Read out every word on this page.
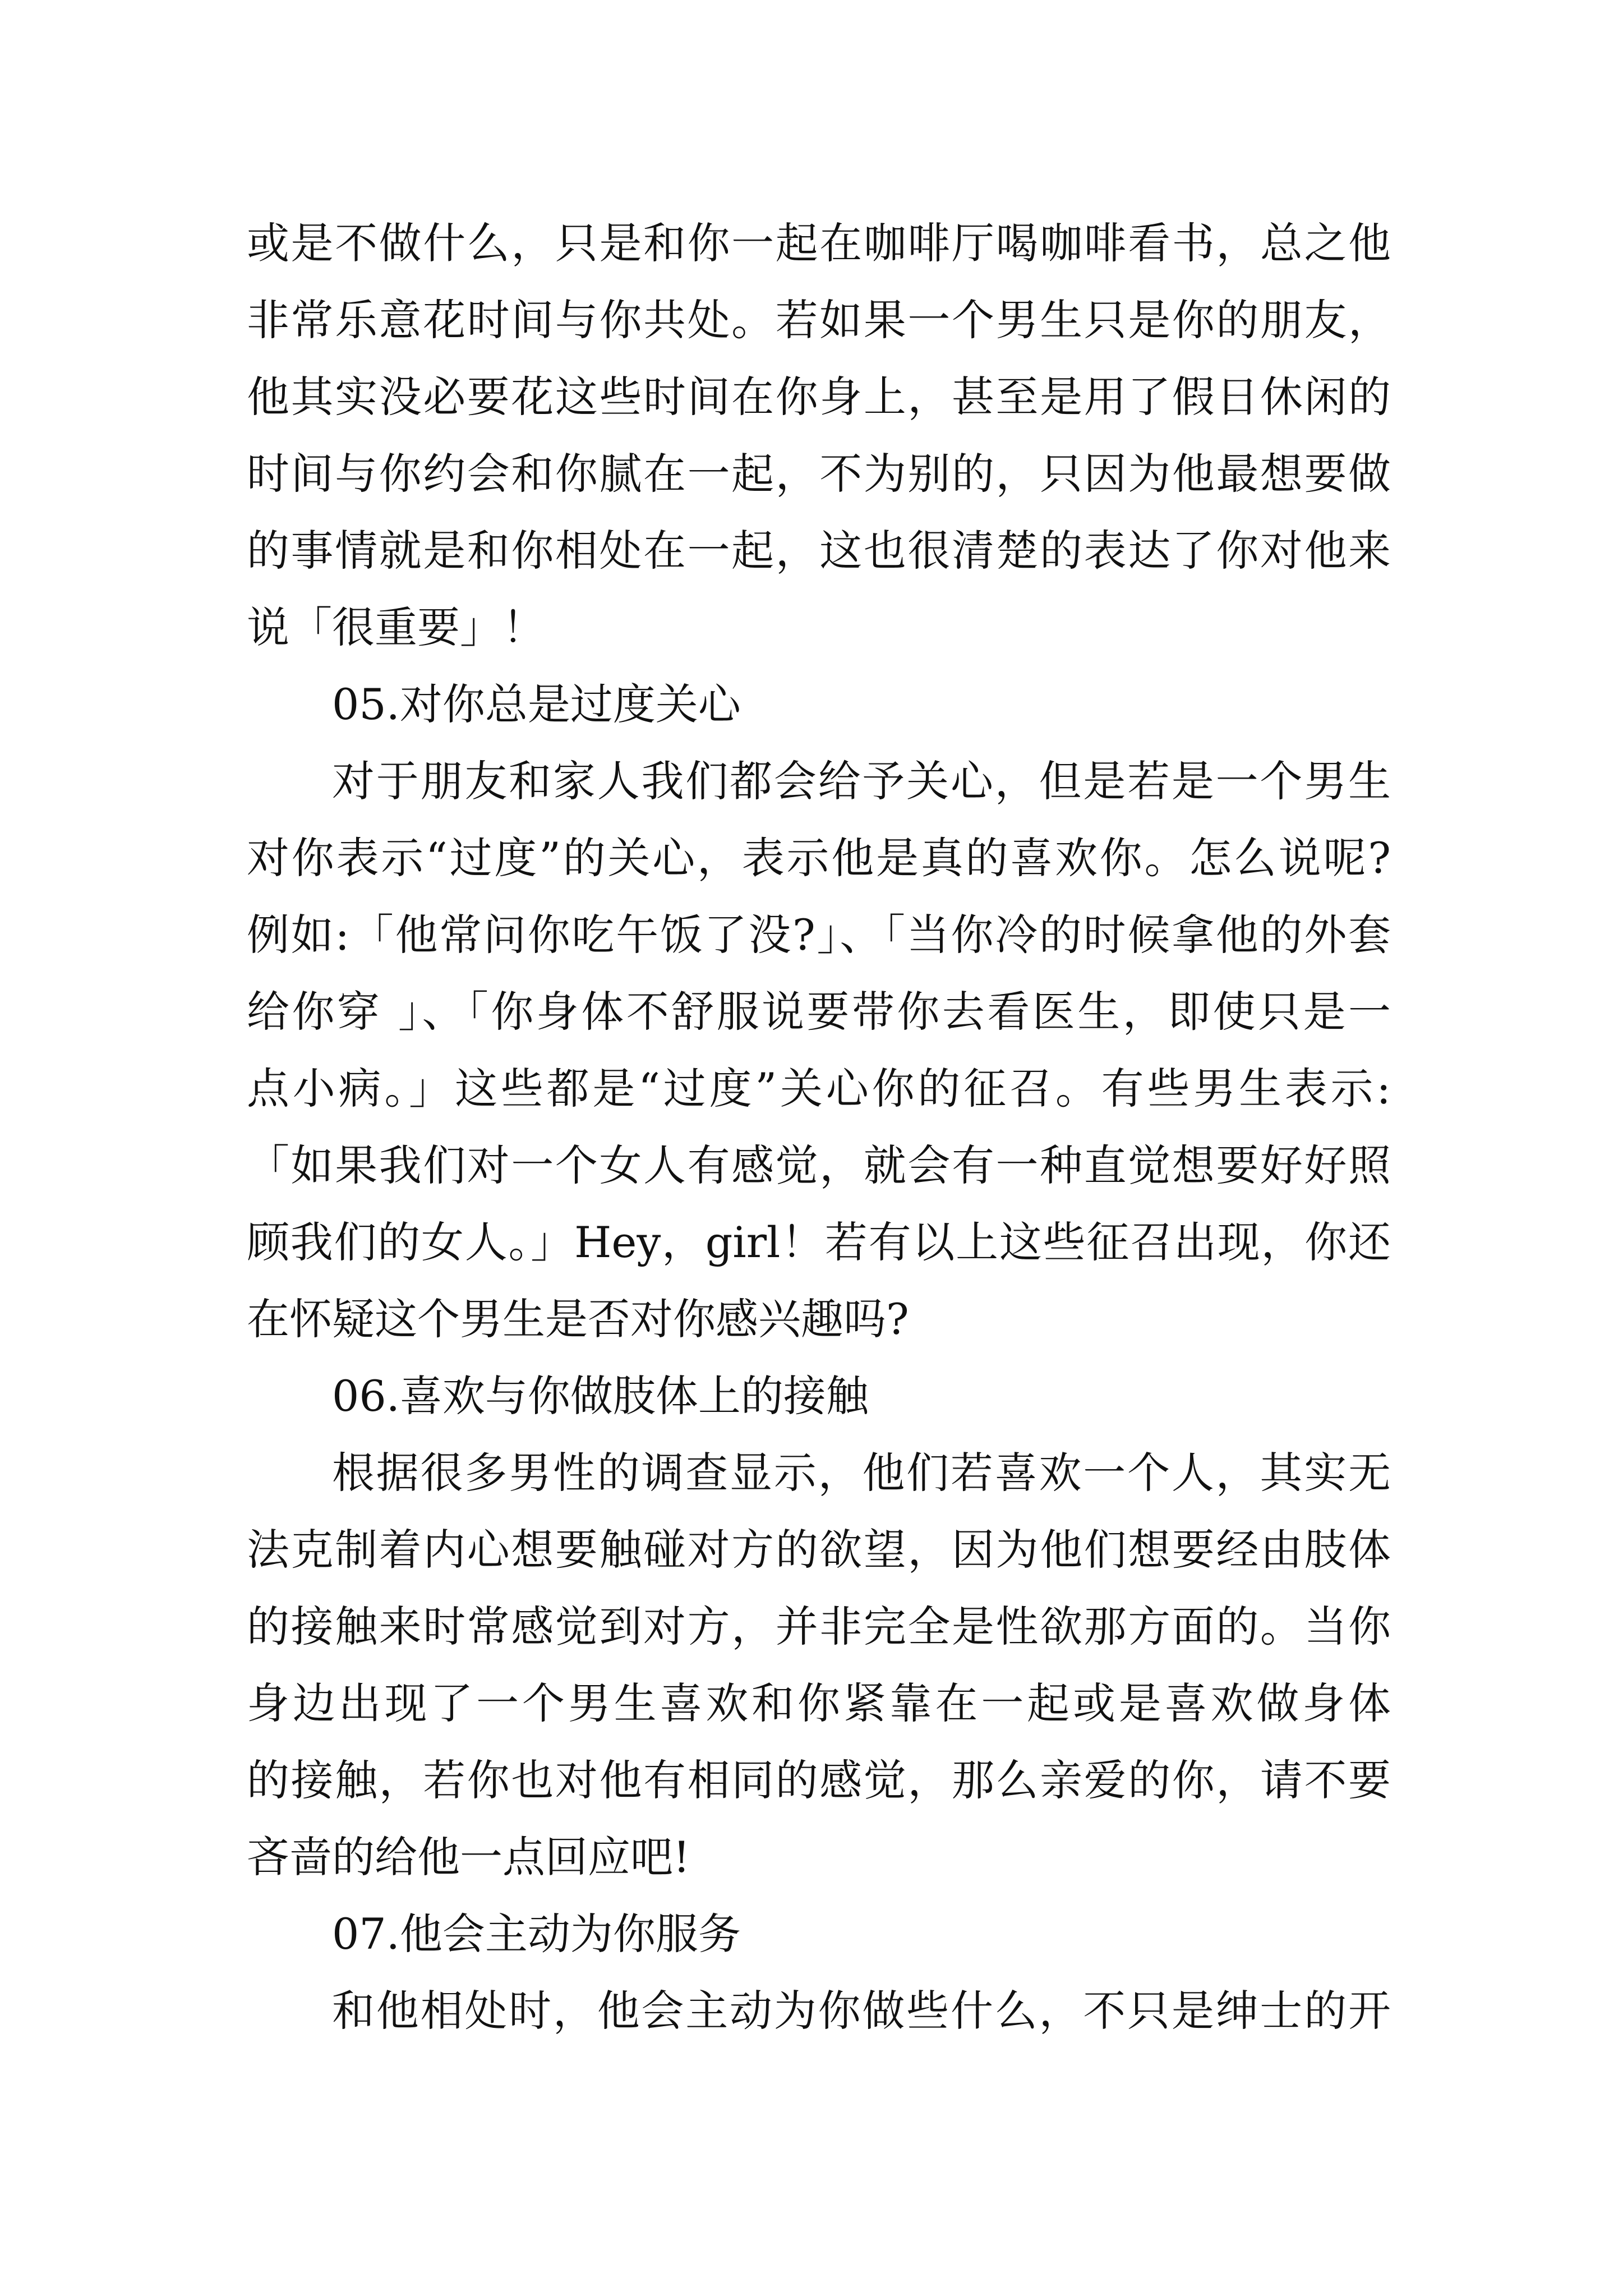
或是不做什么，只是和你一起在咖啡厅喝咖啡看书，总之他
非常乐意花时间与你共处。若如果一个男生只是你的朋友，
他其实没必要花这些时间在你身上，甚至是用了假日休闲的
时间与你约会和你腻在一起，不为别的，只因为他最想要做
的事情就是和你相处在一起，这也很清楚的表达了你对他来
说「很重要」！
05.对你总是过度关心
对于朋友和家人我们都会给予关心，但是若是一个男生
对你表示“过度”的关心，表示他是真的喜欢你。怎么说呢?
例如:「他常问你吃午饭了没?」、「当你冷的时候拿他的外套
给你穿 」、「你身体不舒服说要带你去看医生，即使只是一
点小病。」这些都是“过度”关心你的征召。有些男生表示:
「如果我们对一个女人有感觉，就会有一种直觉想要好好照
顾我们的女人。」Hey，girl！若有以上这些征召出现，你还
在怀疑这个男生是否对你感兴趣吗?
06.喜欢与你做肢体上的接触
根据很多男性的调查显示，他们若喜欢一个人，其实无
法克制着内心想要触碰对方的欲望，因为他们想要经由肢体
的接触来时常感觉到对方，并非完全是性欲那方面的。当你
身边出现了一个男生喜欢和你紧靠在一起或是喜欢做身体
的接触，若你也对他有相同的感觉，那么亲爱的你，请不要
吝啬的给他一点回应吧!
07.他会主动为你服务
和他相处时，他会主动为你做些什么，不只是绅士的开
